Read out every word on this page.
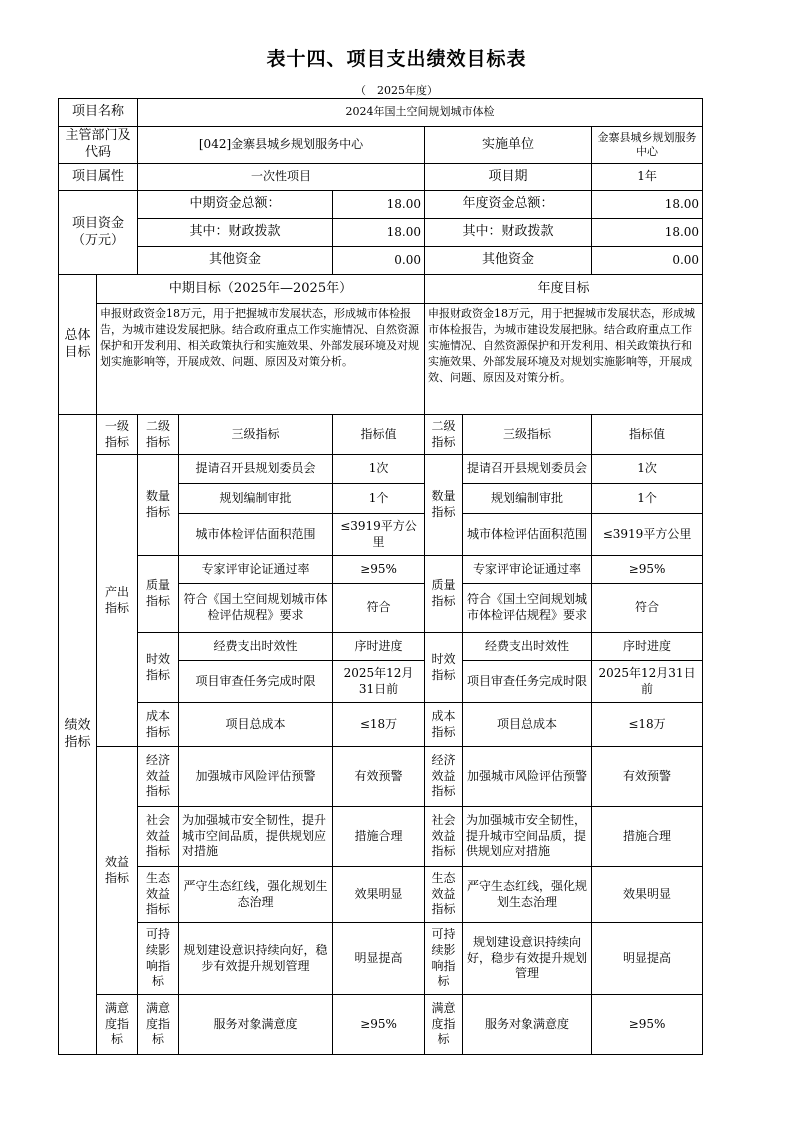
表十四、项目支出绩效目标表
（　2025年度）
项目名称		2024年国土空间规划城市体检					
主管部门及代码		[042]金寨县城乡规划服务中心			实施单位		金寨县城乡规划服务中心
项目属性		一次性项目			项目期		1年
项目资金（万元）		中期资金总额：		18.00	年度资金总额：		18.00
		其中：财政拨款		18.00	其中：财政拨款		18.00
		其他资金		0.00	其他资金		0.00
总体目标	中期目标（2025年—2025年）				年度目标		
	申报财政资金18万元，用于把握城市发展状态，形成城市体检报告，为城市建设发展把脉。结合政府重点工作实施情况、自然资源保护和开发利用、相关政策执行和实施效果、外部发展环境及对规划实施影响等，开展成效、问题、原因及对策分析。				申报财政资金18万元，用于把握城市发展状态，形成城市体检报告，为城市建设发展把脉。结合政府重点工作实施情况、自然资源保护和开发利用、相关政策执行和实施效果、外部发展环境及对规划实施影响等，开展成效、问题、原因及对策分析。		
绩效指标	一级指标	二级指标	三级指标	指标值	二级指标	三级指标	指标值
	产出指标	数量指标	提请召开县规划委员会	1次	数量指标	提请召开县规划委员会	1次
			规划编制审批	1个		规划编制审批	1个
			城市体检评估面积范围	≤3919平方公里		城市体检评估面积范围	≤3919平方公里
		质量指标	专家评审论证通过率	≥95%	质量指标	专家评审论证通过率	≥95%
			符合《国土空间规划城市体检评估规程》要求	符合		符合《国土空间规划城市体检评估规程》要求	符合
		时效指标	经费支出时效性	序时进度	时效指标	经费支出时效性	序时进度
			项目审查任务完成时限	2025年12月31日前		项目审查任务完成时限	2025年12月31日前
		成本指标	项目总成本	≤18万	成本指标	项目总成本	≤18万
	效益指标	经济效益指标	加强城市风险评估预警	有效预警	经济效益指标	加强城市风险评估预警	有效预警
		社会效益指标	为加强城市安全韧性，提升城市空间品质，提供规划应对措施	措施合理	社会效益指标	为加强城市安全韧性，提升城市空间品质，提供规划应对措施	措施合理
		生态效益指标	严守生态红线，强化规划生态治理	效果明显	生态效益指标	严守生态红线，强化规划生态治理	效果明显
		可持续影响指标	规划建设意识持续向好，稳步有效提升规划管理	明显提高	可持续影响指标	规划建设意识持续向好，稳步有效提升规划管理	明显提高
	满意度指标	满意度指标	服务对象满意度	≥95%	满意度指标	服务对象满意度	≥95%
